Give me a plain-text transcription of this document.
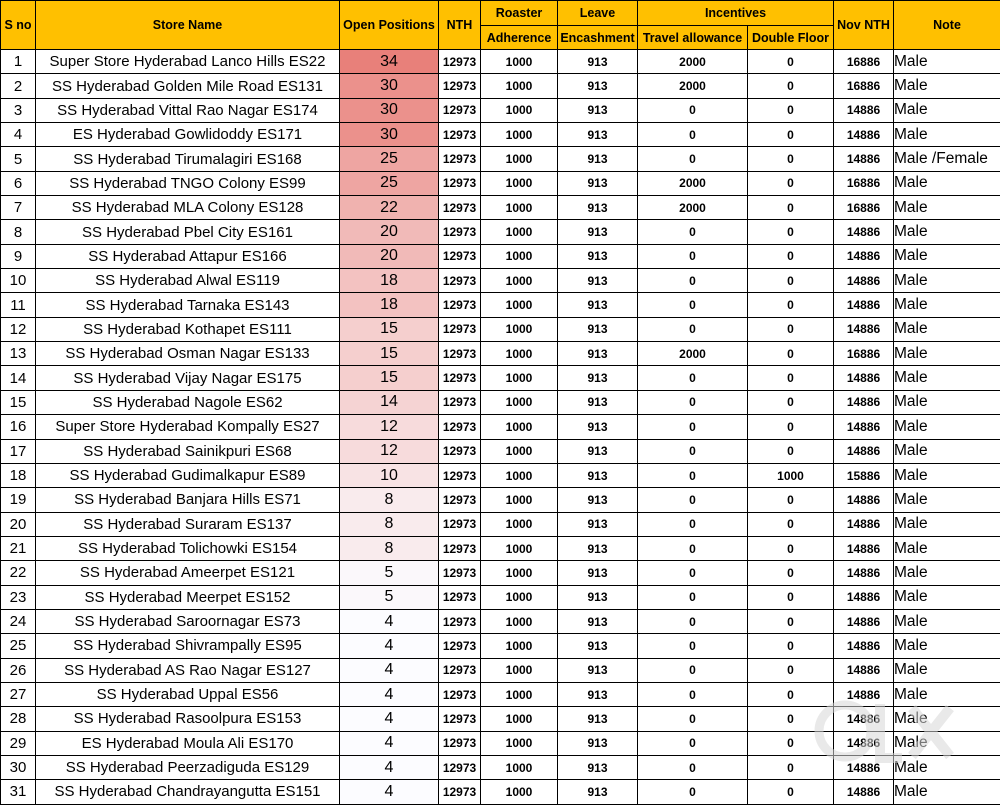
S no	Store Name	Open Positions	NTH	Roaster	Leave	Incentives		Nov NTH	Note
				Adherence	Encashment	Travel allowance	Double Floor		
1	Super Store Hyderabad Lanco Hills ES22	34	12973	1000	913	2000	0	16886	Male
2	SS Hyderabad Golden Mile Road ES131	30	12973	1000	913	2000	0	16886	Male
3	SS Hyderabad Vittal Rao Nagar ES174	30	12973	1000	913	0	0	14886	Male
4	ES Hyderabad Gowlidoddy ES171	30	12973	1000	913	0	0	14886	Male
5	SS Hyderabad Tirumalagiri ES168	25	12973	1000	913	0	0	14886	Male /Female
6	SS Hyderabad TNGO Colony ES99	25	12973	1000	913	2000	0	16886	Male
7	SS Hyderabad MLA Colony ES128	22	12973	1000	913	2000	0	16886	Male
8	SS Hyderabad Pbel City ES161	20	12973	1000	913	0	0	14886	Male
9	SS Hyderabad Attapur ES166	20	12973	1000	913	0	0	14886	Male
10	SS Hyderabad Alwal ES119	18	12973	1000	913	0	0	14886	Male
11	SS Hyderabad Tarnaka ES143	18	12973	1000	913	0	0	14886	Male
12	SS Hyderabad Kothapet ES111	15	12973	1000	913	0	0	14886	Male
13	SS Hyderabad Osman Nagar ES133	15	12973	1000	913	2000	0	16886	Male
14	SS Hyderabad Vijay Nagar ES175	15	12973	1000	913	0	0	14886	Male
15	SS Hyderabad Nagole ES62	14	12973	1000	913	0	0	14886	Male
16	Super Store Hyderabad Kompally ES27	12	12973	1000	913	0	0	14886	Male
17	SS Hyderabad Sainikpuri ES68	12	12973	1000	913	0	0	14886	Male
18	SS Hyderabad Gudimalkapur ES89	10	12973	1000	913	0	1000	15886	Male
19	SS Hyderabad Banjara Hills ES71	8	12973	1000	913	0	0	14886	Male
20	SS Hyderabad Suraram ES137	8	12973	1000	913	0	0	14886	Male
21	SS Hyderabad Tolichowki ES154	8	12973	1000	913	0	0	14886	Male
22	SS Hyderabad Ameerpet ES121	5	12973	1000	913	0	0	14886	Male
23	SS Hyderabad Meerpet ES152	5	12973	1000	913	0	0	14886	Male
24	SS Hyderabad Saroornagar ES73	4	12973	1000	913	0	0	14886	Male
25	SS Hyderabad Shivrampally ES95	4	12973	1000	913	0	0	14886	Male
26	SS Hyderabad AS Rao Nagar ES127	4	12973	1000	913	0	0	14886	Male
27	SS Hyderabad Uppal ES56	4	12973	1000	913	0	0	14886	Male
28	SS Hyderabad Rasoolpura ES153	4	12973	1000	913	0	0	14886	Male
29	ES Hyderabad Moula Ali ES170	4	12973	1000	913	0	0	14886	Male
30	SS Hyderabad Peerzadiguda ES129	4	12973	1000	913	0	0	14886	Male
31	SS Hyderabad Chandrayangutta ES151	4	12973	1000	913	0	0	14886	Male
